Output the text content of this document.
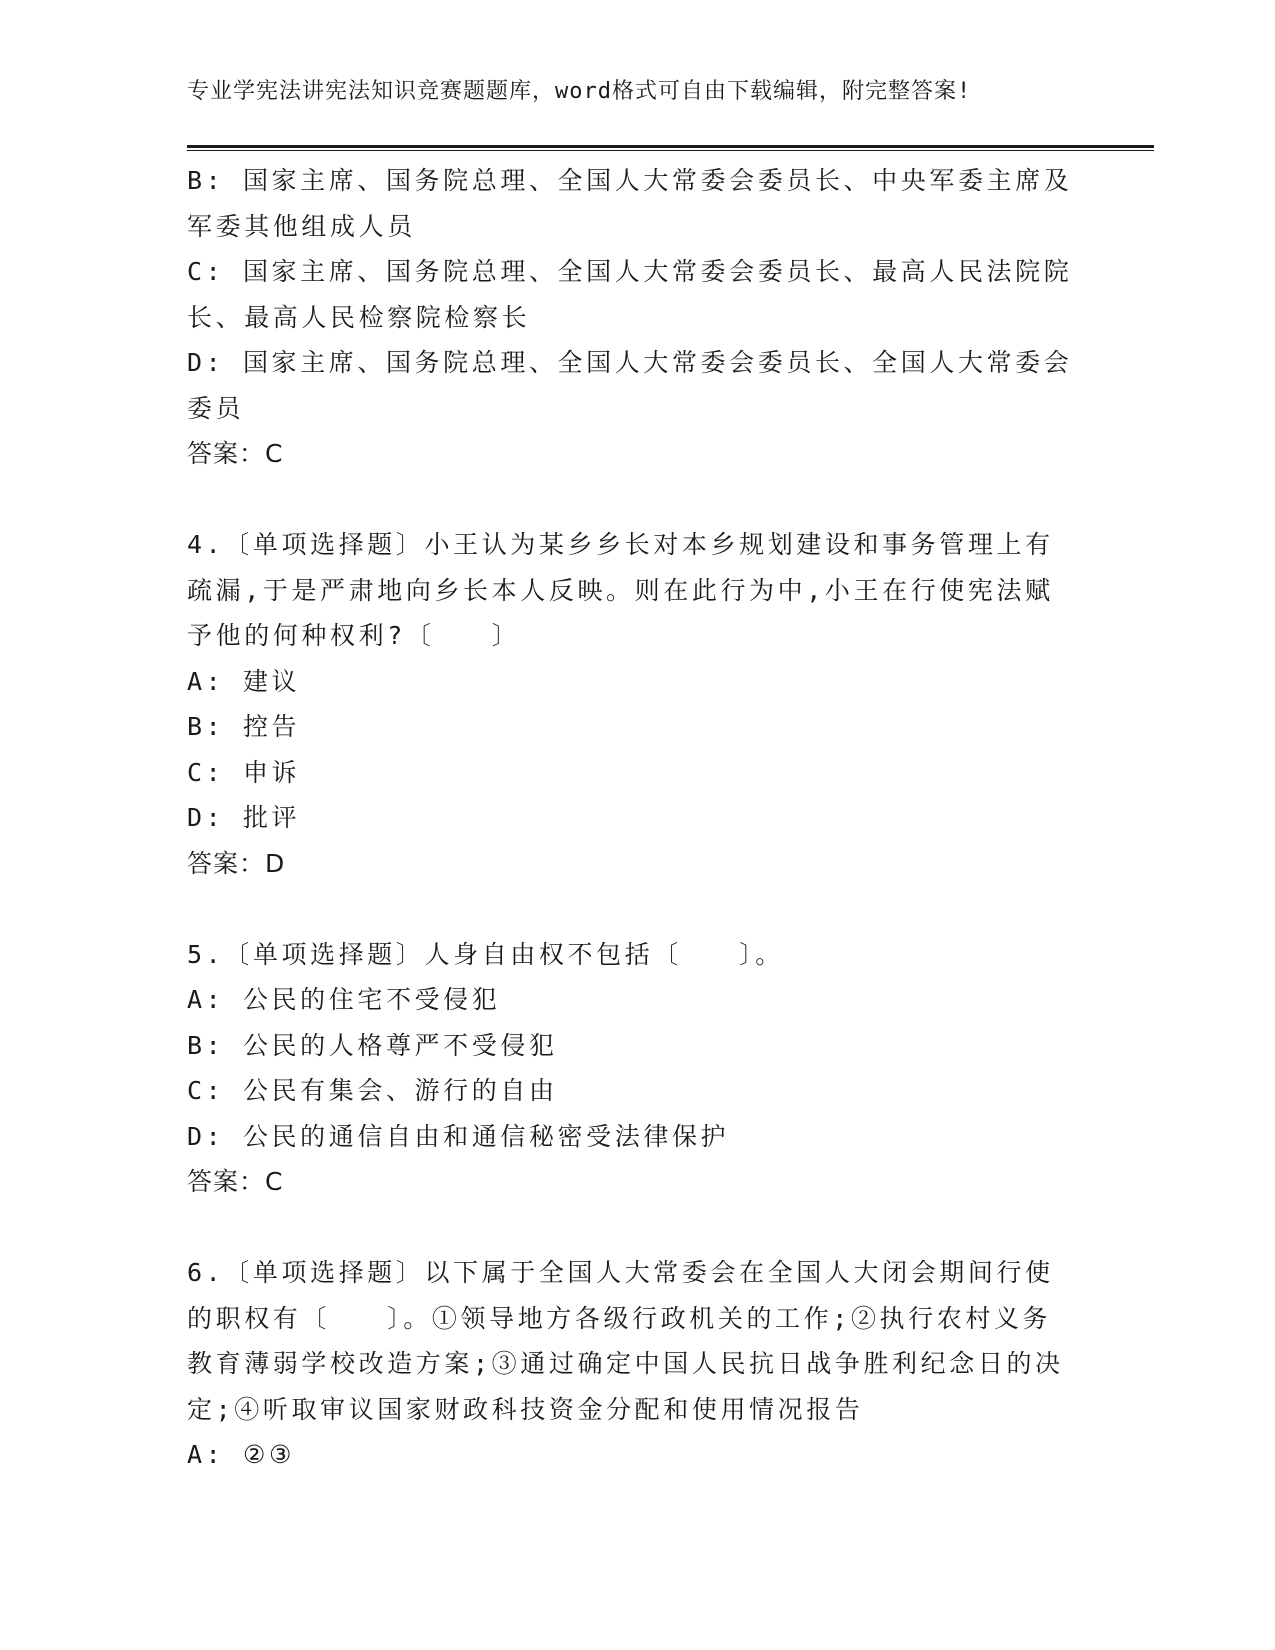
专业学宪法讲宪法知识竞赛题题库，word格式可自由下载编辑，附完整答案!
B: 国家主席、国务院总理、全国人大常委会委员长、中央军委主席及
军委其他组成人员
C: 国家主席、国务院总理、全国人大常委会委员长、最高人民法院院
长、最高人民检察院检察长
D: 国家主席、国务院总理、全国人大常委会委员长、全国人大常委会
委员
答案：C
4.〔单项选择题〕小王认为某乡乡长对本乡规划建设和事务管理上有
疏漏,于是严肃地向乡长本人反映。则在此行为中,小王在行使宪法赋
予他的何种权利?〔　　〕
A: 建议
B: 控告
C: 申诉
D: 批评
答案：D
5.〔单项选择题〕人身自由权不包括〔　　〕。
A: 公民的住宅不受侵犯
B: 公民的人格尊严不受侵犯
C: 公民有集会、游行的自由
D: 公民的通信自由和通信秘密受法律保护
答案：C
6.〔单项选择题〕以下属于全国人大常委会在全国人大闭会期间行使
的职权有〔　　〕。①领导地方各级行政机关的工作;②执行农村义务
教育薄弱学校改造方案;③通过确定中国人民抗日战争胜利纪念日的决
定;④听取审议国家财政科技资金分配和使用情况报告
A: ②③
